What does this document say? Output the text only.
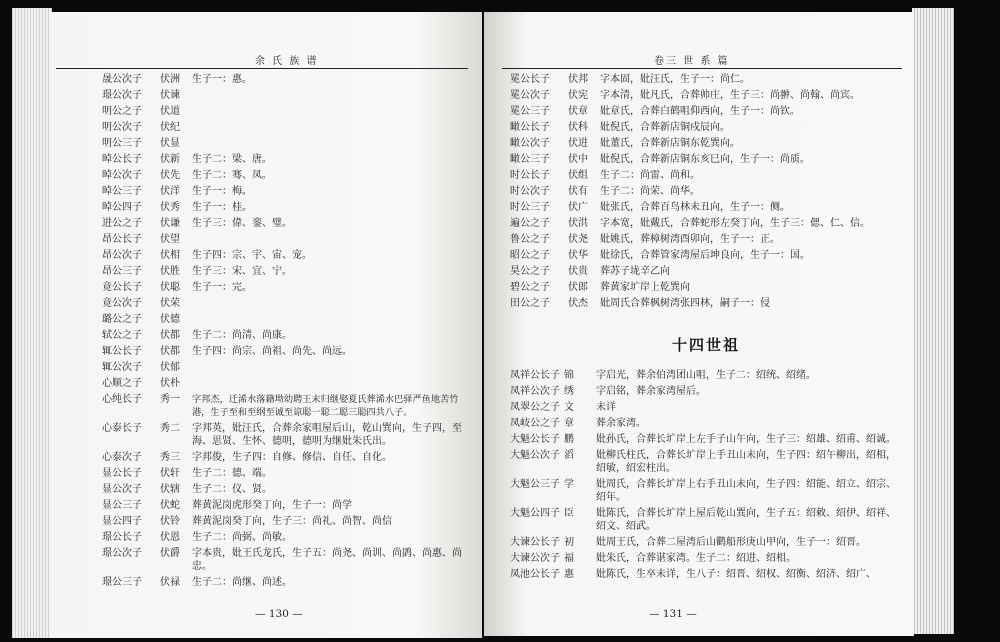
余 氏 族 谱
晟公次子	伏洲	生子一：惠。
璟公次子	伏谏
明公之子	伏道
明公次子	伏纪
明公三子	伏显
晫公长子	伏新	生子二：梁、唐。
晫公次子	伏先	生子二：骞、凤。
晫公三子	伏洋	生子一：梅。
晫公四子	伏秀	生子一：桂。
进公之子	伏谦	生子三：偉、銮、璧。
昂公长子	伏望
昂公次子	伏相	生子四：宗、宇、宙、宠。
昂公三子	伏胜	生子三：宋、宜、宁。
竟公长子	伏聪	生子一：完。
竟公次子	伏荣
璐公之子	伏德
轼公之子	伏都	生子二：尚清、尚康。
辄公长子	伏都	生子四：尚宗、尚祖、尚先、尚远。
辄公次子	伏郁
心顺之子	伏朴
心纯长子	秀一	字邦杰，迁浠水落籍坳幼聘王末归继娶夏氏葬浠水巴驿严鱼地苦竹港，生子至和至纲至诚至谅聪一聪二聪三聪四共八子。
心泰长子	秀二	字邦英，妣汪氏，合葬余家咀屋后山，乾山巽向，生子四，至海、思贤、生怀、德明，德明为继妣朱氏出。
心泰次子	秀三	字邦俊，生子四：自修、修信、自任、自化。
显公长子	伏轩	生子二：德、端。
显公次子	伏辖	生子二：仪、贤。
显公三子	伏蛇	葬黄泥岗虎形癸丁向，生子一：尚学
显公四子	伏铃	葬黄泥岗癸丁向，生子三：尚礼、尚智、尚信
璟公长子	伏恩	生子二：尚弼、尚敏。
璟公次子	伏爵	字本贵，妣王氏龙氏，生子五：尚尧、尚训、尚鹍、尚惠、尚忠。
璟公三子	伏禄	生子二：尚继、尚述。
— 130 —
卷三 世 系 篇
冕公长子	伏邦	字本固，妣汪氏，生子一：尚仁。
冕公次子	伏宪	字本清，妣凡氏，合葬帅庄，生子三：尚翀、尚翰、尚宾。
冕公三子	伏章	妣章氏，合葬白鹤咀仰西向，生子一：尚钦。
瞰公长子	伏科	妣倪氏，合葬新店铜戍辰向。
瞰公次子	伏进	妣董氏，合葬新店铜东乾巽向。
瞰公三子	伏中	妣倪氏，合葬新店铜东亥巳向，生子一：尚质。
时公长子	伏组	生子二：尚雷、尚和。
时公次子	伏有	生子二：尚荣、尚华。
时公三子	伏广	妣张氏，合葬百鸟林未丑向，生子一：侧。
遍公之子	伏洪	字本宽，妣戴氏，合葬蛇形左癸丁向，生子三：偲、仁、信。
鲁公之子	伏尧	妣姚氏，葬樟树湾酉卯向，生子一：正。
昭公之子	伏华	妣徐氏，合葬管家湾屋后坤良向，生子一：国。
昊公之子	伏贵	葬苏子垅辛乙向
碧公之子	伏郎	葬黄家圹岸上乾巽向
田公之子	伏杰	妣周氏合葬枫树湾张四林，嗣子一：侵
十四世祖
凤祥公长子 锦	字启光，葬余伯湾团山咀，生子二：绍统、绍绪。
凤祥公次子 绣	字启铭，葬余家湾屋后。
凤翠公之子 文	未详
凤岐公之子 章	葬余家湾。
大魁公长子 鹏	妣孙氏，合葬长圹岸上左手子山午向，生子三：绍雄、绍甫、绍诚。
大魁公次子 滔	妣柳氏柱氏，合葬长圹岸上手丑山未向，生子四：绍午柳出，绍相，绍敏，绍宏柱出。
大魁公三子 学	妣周氏，合葬长圹岸上右手丑山未向，生子四：绍能、绍立、绍宗、绍年。
大魁公四子 臣	妣陈氏，合葬长圹岸上屋后乾山巽向，生子五：绍敕、绍伊、绍祥、绍文、绍武。
大谏公长子 初	妣周王氏，合葬二屋湾后山鹳船形庚山甲向，生子一：绍晋。
大谏公次子 福	妣朱氏，合葬谌家湾。生子二：绍进、绍相。
凤池公长子 惠	妣陈氏，生卒未详，生八子：绍晋、绍权、绍衡、绍济、绍广、
— 131 —
